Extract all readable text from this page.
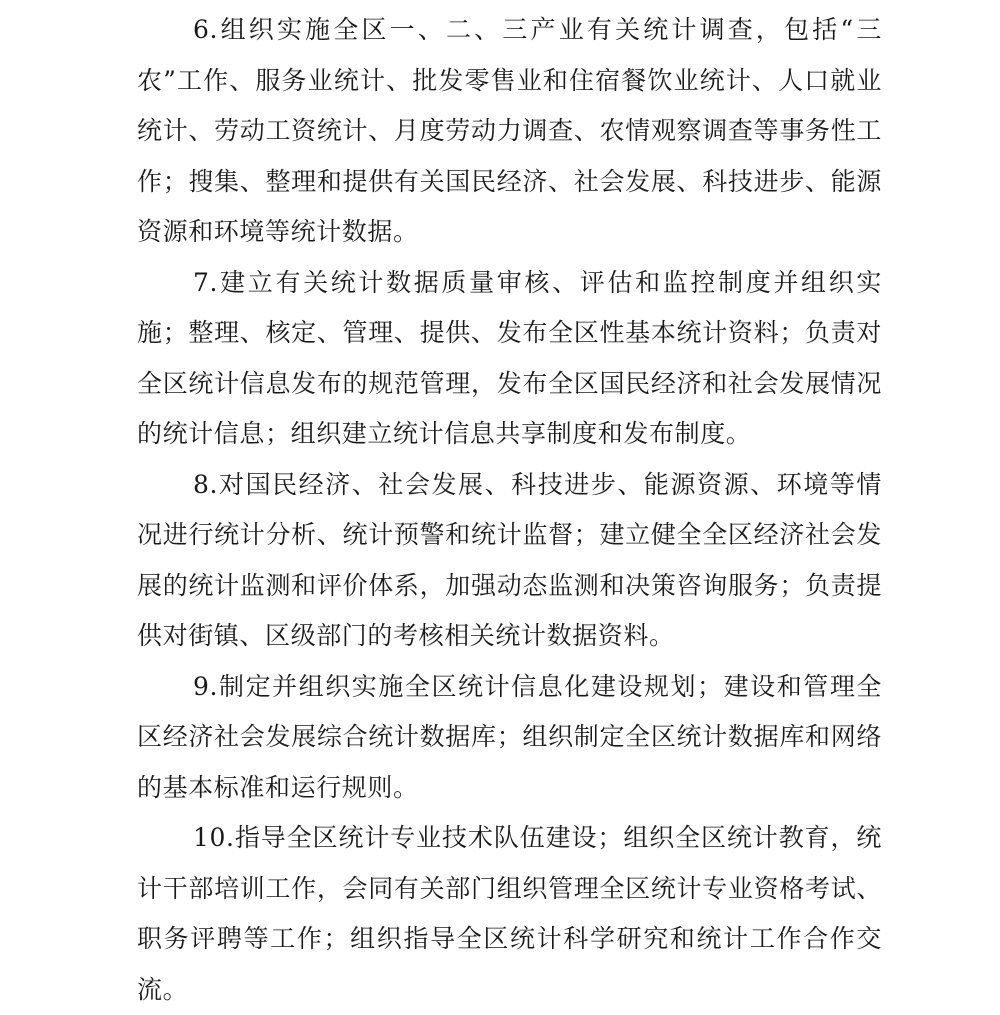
6.组织实施全区一、二、三产业有关统计调查，包括“三农”工作、服务业统计、批发零售业和住宿餐饮业统计、人口就业统计、劳动工资统计、月度劳动力调查、农情观察调查等事务性工作；搜集、整理和提供有关国民经济、社会发展、科技进步、能源资源和环境等统计数据。

7.建立有关统计数据质量审核、评估和监控制度并组织实施；整理、核定、管理、提供、发布全区性基本统计资料；负责对全区统计信息发布的规范管理，发布全区国民经济和社会发展情况的统计信息；组织建立统计信息共享制度和发布制度。

8.对国民经济、社会发展、科技进步、能源资源、环境等情况进行统计分析、统计预警和统计监督；建立健全全区经济社会发展的统计监测和评价体系，加强动态监测和决策咨询服务；负责提供对街镇、区级部门的考核相关统计数据资料。

9.制定并组织实施全区统计信息化建设规划；建设和管理全区经济社会发展综合统计数据库；组织制定全区统计数据库和网络的基本标准和运行规则。

10.指导全区统计专业技术队伍建设；组织全区统计教育，统计干部培训工作，会同有关部门组织管理全区统计专业资格考试、职务评聘等工作；组织指导全区统计科学研究和统计工作合作交流。
